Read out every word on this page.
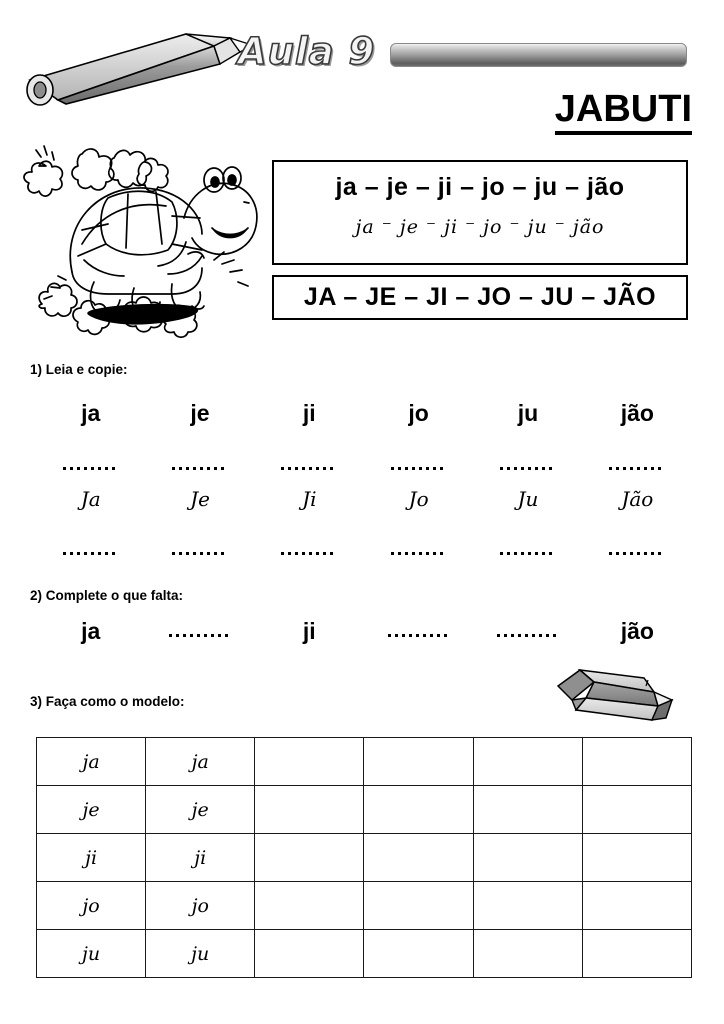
Aula 9
JABUTI
ja – je – ji – jo – ju – jão
ja ⁻ je ⁻ ji ⁻ jo ⁻ ju ⁻ jão
JA – JE – JI – JO – JU – JÃO
1) Leia e copie:
ja	je	ji	jo	ju	jão
Ja	Je	Ji	Jo	Ju	Jão
2) Complete o que falta:
ja	ji	jão
3) Faça como o modelo:
ja	ja				
je	je				
ji	ji				
jo	jo				
ju	ju				
